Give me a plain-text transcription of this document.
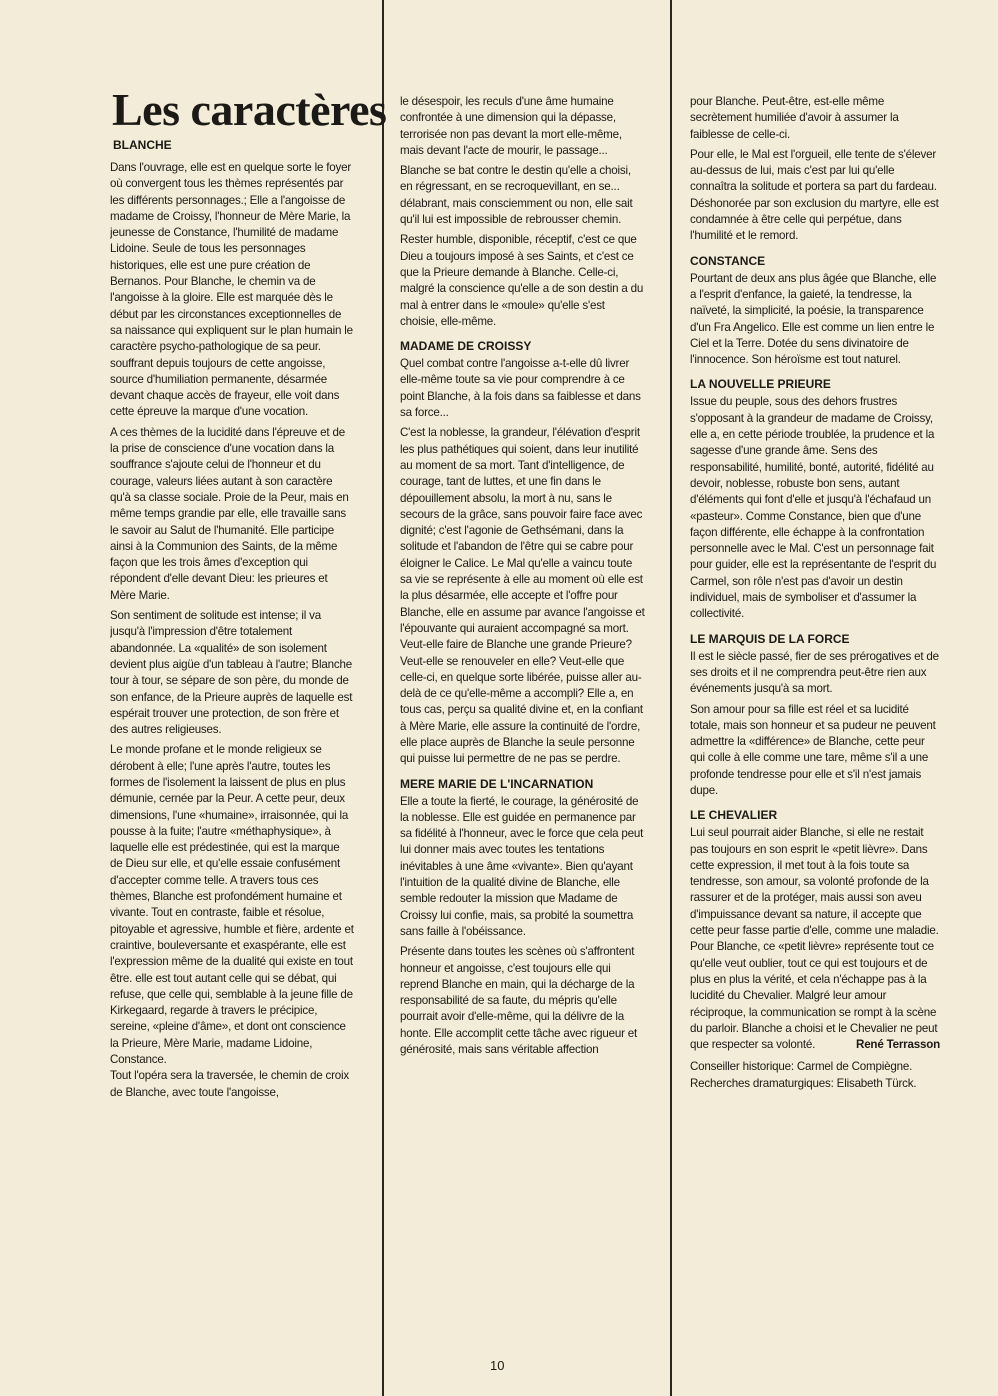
Les caractères
BLANCHE

Dans l'ouvrage, elle est en quelque sorte le foyer où convergent tous les thèmes représentés par les différents personnages.; Elle a l'angoisse de madame de Croissy, l'honneur de Mère Marie, la jeunesse de Constance, l'humilité de madame Lidoine. Seule de tous les personnages historiques, elle est une pure création de Bernanos. Pour Blanche, le chemin va de l'angoisse à la gloire. Elle est marquée dès le début par les circonstances exceptionnelles de sa naissance qui expliquent sur le plan humain le caractère psycho-pathologique de sa peur. souffrant depuis toujours de cette angoisse, source d'humiliation permanente, désarmée devant chaque accès de frayeur, elle voit dans cette épreuve la marque d'une vocation.

A ces thèmes de la lucidité dans l'épreuve et de la prise de conscience d'une vocation dans la souffrance s'ajoute celui de l'honneur et du courage, valeurs liées autant à son caractère qu'à sa classe sociale. Proie de la Peur, mais en même temps grandie par elle, elle travaille sans le savoir au Salut de l'humanité. Elle participe ainsi à la Communion des Saints, de la même façon que les trois âmes d'exception qui répondent d'elle devant Dieu: les prieures et Mère Marie.

Son sentiment de solitude est intense; il va jusqu'à l'impression d'être totalement abandonnée. La «qualité» de son isolement devient plus aigüe d'un tableau à l'autre; Blanche tour à tour, se sépare de son père, du monde de son enfance, de la Prieure auprès de laquelle est espérait trouver une protection, de son frère et des autres religieuses.

Le monde profane et le monde religieux se dérobent à elle; l'une après l'autre, toutes les formes de l'isolement la laissent de plus en plus démunie, cernée par la Peur. A cette peur, deux dimensions, l'une «humaine», irraisonnée, qui la pousse à la fuite; l'autre «méthaphysique», à laquelle elle est prédestinée, qui est la marque de Dieu sur elle, et qu'elle essaie confusément d'accepter comme telle. A travers tous ces thèmes, Blanche est profondément humaine et vivante. Tout en contraste, faible et résolue, pitoyable et agressive, humble et fière, ardente et craintive, bouleversante et exaspérante, elle est l'expression même de la dualité qui existe en tout être. elle est tout autant celle qui se débat, qui refuse, que celle qui, semblable à la jeune fille de Kirkegaard, regarde à travers le précipice, sereine, «pleine d'âme», et dont ont conscience la Prieure, Mère Marie, madame Lidoine, Constance.

Tout l'opéra sera la traversée, le chemin de croix de Blanche, avec toute l'angoisse,

le désespoir, les reculs d'une âme humaine confrontée à une dimension qui la dépasse, terrorisée non pas devant la mort elle-même, mais devant l'acte de mourir, le passage...

Blanche se bat contre le destin qu'elle a choisi, en régressant, en se recroquevillant, en se... délabrant, mais consciemment ou non, elle sait qu'il lui est impossible de rebrousser chemin.

Rester humble, disponible, réceptif, c'est ce que Dieu a toujours imposé à ses Saints, et c'est ce que la Prieure demande à Blanche. Celle-ci, malgré la conscience qu'elle a de son destin a du mal à entrer dans le «moule» qu'elle s'est choisie, elle-même.

MADAME DE CROISSY

Quel combat contre l'angoisse a-t-elle dû livrer elle-même toute sa vie pour comprendre à ce point Blanche, à la fois dans sa faiblesse et dans sa force...

C'est la noblesse, la grandeur, l'élévation d'esprit les plus pathétiques qui soient, dans leur inutilité au moment de sa mort. Tant d'intelligence, de courage, tant de luttes, et une fin dans le dépouillement absolu, la mort à nu, sans le secours de la grâce, sans pouvoir faire face avec dignité; c'est l'agonie de Gethsémani, dans la solitude et l'abandon de l'être qui se cabre pour éloigner le Calice. Le Mal qu'elle a vaincu toute sa vie se représente à elle au moment où elle est la plus désarmée, elle accepte et l'offre pour Blanche, elle en assume par avance l'angoisse et l'épouvante qui auraient accompagné sa mort. Veut-elle faire de Blanche une grande Prieure? Veut-elle se renouveler en elle? Veut-elle que celle-ci, en quelque sorte libérée, puisse aller au-delà de ce qu'elle-même a accompli? Elle a, en tous cas, perçu sa qualité divine et, en la confiant à Mère Marie, elle assure la continuité de l'ordre, elle place auprès de Blanche la seule personne qui puisse lui permettre de ne pas se perdre.

MERE MARIE DE L'INCARNATION

Elle a toute la fierté, le courage, la générosité de la noblesse. Elle est guidée en permanence par sa fidélité à l'honneur, avec le force que cela peut lui donner mais avec toutes les tentations inévitables à une âme «vivante». Bien qu'ayant l'intuition de la qualité divine de Blanche, elle semble redouter la mission que Madame de Croissy lui confie, mais, sa probité la soumettra sans faille à l'obéissance.

Présente dans toutes les scènes où s'affrontent honneur et angoisse, c'est toujours elle qui reprend Blanche en main, qui la décharge de la responsabilité de sa faute, du mépris qu'elle pourrait avoir d'elle-même, qui la délivre de la honte. Elle accomplit cette tâche avec rigueur et générosité, mais sans véritable affection

pour Blanche. Peut-être, est-elle même secrètement humiliée d'avoir à assumer la faiblesse de celle-ci.

Pour elle, le Mal est l'orgueil, elle tente de s'élever au-dessus de lui, mais c'est par lui qu'elle connaîtra la solitude et portera sa part du fardeau. Déshonorée par son exclusion du martyre, elle est condamnée à être celle qui perpétue, dans l'humilité et le remord.

CONSTANCE

Pourtant de deux ans plus âgée que Blanche, elle a l'esprit d'enfance, la gaieté, la tendresse, la naïveté, la simplicité, la poésie, la transparence d'un Fra Angelico. Elle est comme un lien entre le Ciel et la Terre. Dotée du sens divinatoire de l'innocence. Son héroïsme est tout naturel.

LA NOUVELLE PRIEURE

Issue du peuple, sous des dehors frustres s'opposant à la grandeur de madame de Croissy, elle a, en cette période troublée, la prudence et la sagesse d'une grande âme. Sens des responsabilité, humilité, bonté, autorité, fidélité au devoir, noblesse, robuste bon sens, autant d'éléments qui font d'elle et jusqu'à l'échafaud un «pasteur». Comme Constance, bien que d'une façon différente, elle échappe à la confrontation personnelle avec le Mal. C'est un personnage fait pour guider, elle est la représentante de l'esprit du Carmel, son rôle n'est pas d'avoir un destin individuel, mais de symboliser et d'assumer la collectivité.

LE MARQUIS DE LA FORCE

Il est le siècle passé, fier de ses prérogatives et de ses droits et il ne comprendra peut-être rien aux événements jusqu'à sa mort.

Son amour pour sa fille est réel et sa lucidité totale, mais son honneur et sa pudeur ne peuvent admettre la «différence» de Blanche, cette peur qui colle à elle comme une tare, même s'il a une profonde tendresse pour elle et s'il n'est jamais dupe.

LE CHEVALIER

Lui seul pourrait aider Blanche, si elle ne restait pas toujours en son esprit le «petit lièvre». Dans cette expression, il met tout à la fois toute sa tendresse, son amour, sa volonté profonde de la rassurer et de la protéger, mais aussi son aveu d'impuissance devant sa nature, il accepte que cette peur fasse partie d'elle, comme une maladie. Pour Blanche, ce «petit lièvre» représente tout ce qu'elle veut oublier, tout ce qui est toujours et de plus en plus la vérité, et cela n'échappe pas à la lucidité du Chevalier. Malgré leur amour réciproque, la communication se rompt à la scène du parloir. Blanche a choisi et le Chevalier ne peut que respecter sa volonté.	René Terrasson

Conseiller historique: Carmel de Compiègne. Recherches dramaturgiques: Elisabeth Türck.

10
